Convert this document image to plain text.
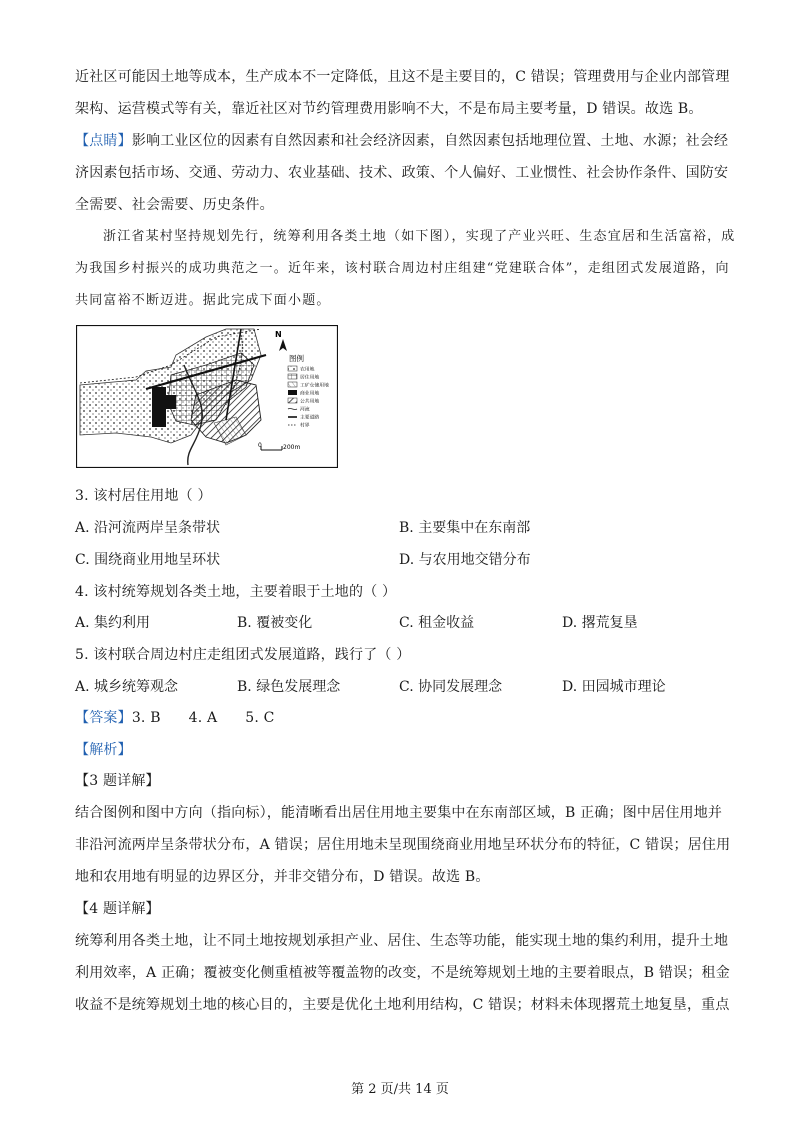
近社区可能因土地等成本，生产成本不一定降低，且这不是主要目的，C 错误；管理费用与企业内部管理
架构、运营模式等有关，靠近社区对节约管理费用影响不大，不是布局主要考量，D 错误。故选 B。
【点睛】影响工业区位的因素有自然因素和社会经济因素，自然因素包括地理位置、土地、水源；社会经
济因素包括市场、交通、劳动力、农业基础、技术、政策、个人偏好、工业惯性、社会协作条件、国防安
全需要、社会需要、历史条件。
浙江省某村坚持规划先行，统筹利用各类土地（如下图），实现了产业兴旺、生态宜居和生活富裕，成
为我国乡村振兴的成功典范之一。近年来，该村联合周边村庄组建“党建联合体”，走组团式发展道路，向
共同富裕不断迈进。据此完成下面小题。
N
图例
农用地
居住用地
工矿仓储用地
商业用地
公共用地
河流
主要道路
村界
0	200m
3. 该村居住用地（ ）
A. 沿河流两岸呈条带状	B. 主要集中在东南部
C. 围绕商业用地呈环状	D. 与农用地交错分布
4. 该村统筹规划各类土地，主要着眼于土地的（ ）
A. 集约利用	B. 覆被变化	C. 租金收益	D. 撂荒复垦
5. 该村联合周边村庄走组团式发展道路，践行了（ ）
A. 城乡统筹观念	B. 绿色发展理念	C. 协同发展理念	D. 田园城市理论
【答案】3. B      4. A      5. C
【解析】
【3 题详解】
结合图例和图中方向（指向标），能清晰看出居住用地主要集中在东南部区域，B 正确；图中居住用地并
非沿河流两岸呈条带状分布，A 错误；居住用地未呈现围绕商业用地呈环状分布的特征，C 错误；居住用
地和农用地有明显的边界区分，并非交错分布，D 错误。故选 B。
【4 题详解】
统筹利用各类土地，让不同土地按规划承担产业、居住、生态等功能，能实现土地的集约利用，提升土地
利用效率，A 正确；覆被变化侧重植被等覆盖物的改变，不是统筹规划土地的主要着眼点，B 错误；租金
收益不是统筹规划土地的核心目的，主要是优化土地利用结构，C 错误；材料未体现撂荒土地复垦，重点
第 2 页/共 14 页
